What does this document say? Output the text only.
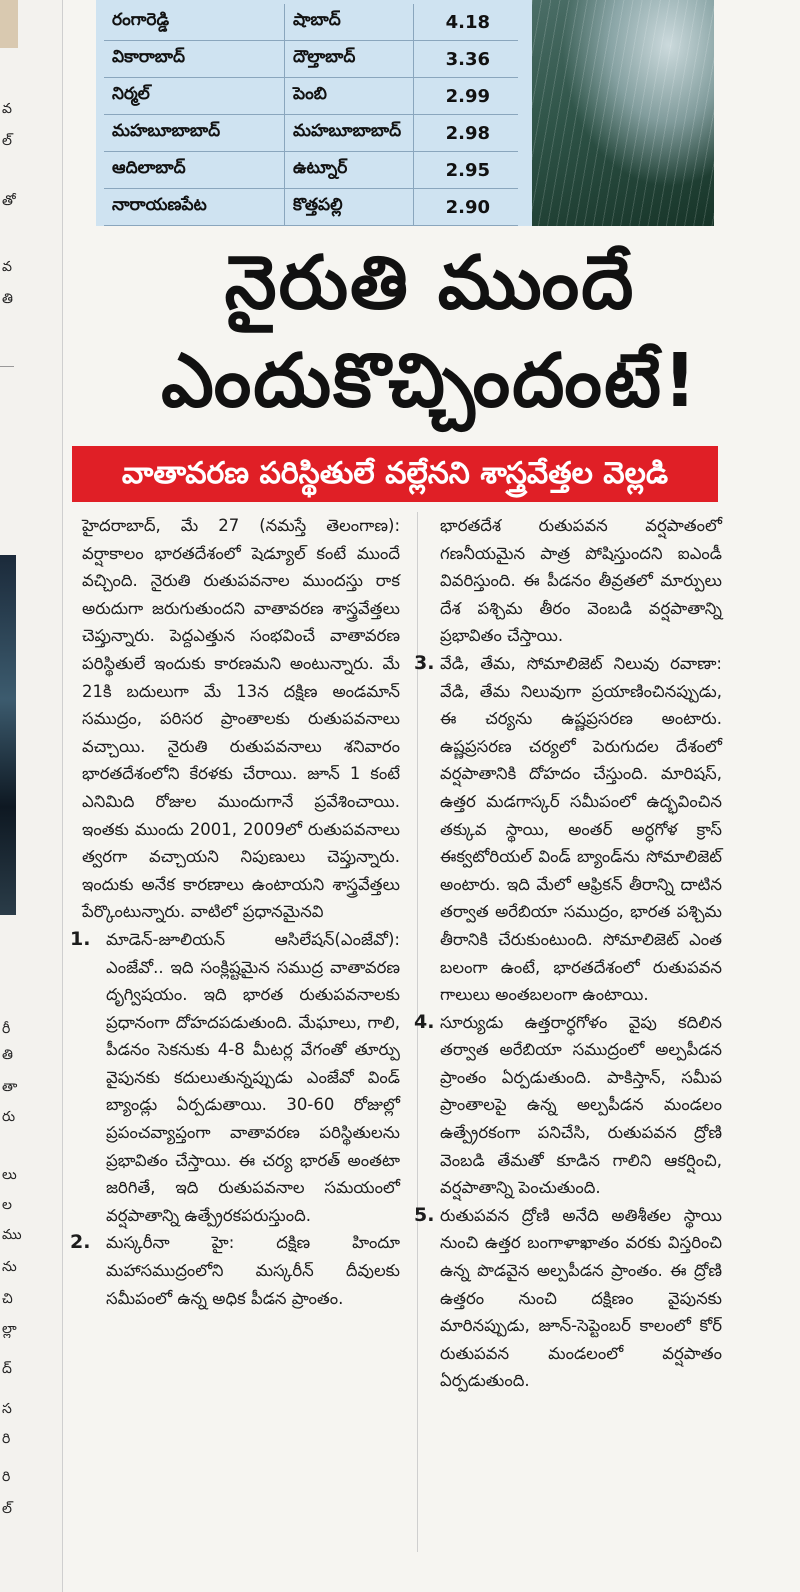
వ
ల్
తో
వ
తి
రీ
తి
తా
రు
లు
ల
ము
ను
చి
ల్లా
ద్
స
రి
రి
ల్
రంగారెడ్డి	షాబాద్	4.18
వికారాబాద్	దౌల్తాబాద్	3.36
నిర్మల్	పెంబి	2.99
మహబూబాబాద్	మహబూబాబాద్	2.98
ఆదిలాబాద్	ఉట్నూర్	2.95
నారాయణపేట	కొత్తపల్లి	2.90
నైరుతి ముందే
ఎందుకొచ్చిందంటే!
వాతావరణ పరిస్థితులే వల్లేనని శాస్త్రవేత్తల వెల్లడి

హైదరాబాద్‌, మే 27 (నమస్తే తెలంగాణ): వర్షాకాలం భారతదేశంలో షెడ్యూల్‌ కంటే ముందే వచ్చింది. నైరుతి రుతుపవనాల ముందస్తు రాక అరుదుగా జరుగుతుందని వాతావరణ శాస్త్రవేత్తలు చెప్తున్నారు. పెద్దఎత్తున సంభవించే వాతావరణ పరిస్థితులే ఇందుకు కారణమని అంటున్నారు. మే 21కి బదులుగా మే 13న దక్షిణ అండమాన్‌ సముద్రం, పరిసర ప్రాంతాలకు రుతుపవనాలు వచ్చాయి. నైరుతి రుతుపవనాలు శనివారం భారతదేశంలోని కేరళకు చేరాయి. జూన్‌ 1 కంటే ఎనిమిది రోజుల ముందుగానే ప్రవేశించాయి. ఇంతకు ముందు 2001, 2009లో రుతుపవనాలు త్వరగా వచ్చాయని నిపుణులు చెప్తున్నారు. ఇందుకు అనేక కారణాలు ఉంటాయని శాస్త్రవేత్తలు పేర్కొంటున్నారు. వాటిలో ప్రధానమైనవి

1. మాడెన్‌-జూలియన్‌ ఆసిలేషన్‌(ఎంజేవో): ఎంజేవో.. ఇది సంక్లిష్టమైన సముద్ర వాతావరణ దృగ్విషయం. ఇది భారత రుతుపవనాలకు ప్రధానంగా దోహదపడుతుంది. మేఘాలు, గాలి, పీడనం సెకనుకు 4-8 మీటర్ల వేగంతో తూర్పు వైపునకు కదులుతున్నప్పుడు ఎంజేవో విండ్‌ బ్యాండ్లు ఏర్పడుతాయి. 30-60 రోజుల్లో ప్రపంచవ్యాప్తంగా వాతావరణ పరిస్థితులను ప్రభావితం చేస్తాయి. ఈ చర్య భారత్‌ అంతటా జరిగితే, ఇది రుతుపవనాల సమయంలో వర్షపాతాన్ని ఉత్ప్రేరకపరుస్తుంది.

2. మస్కరీనా హై: దక్షిణ హిందూ మహాసముద్రంలోని మస్కరీన్‌ దీవులకు సమీపంలో ఉన్న అధిక పీడన ప్రాంతం.

భారతదేశ రుతుపవన వర్షపాతంలో గణనీయమైన పాత్ర పోషిస్తుందని ఐఎండీ వివరిస్తుంది. ఈ పీడనం తీవ్రతలో మార్పులు దేశ పశ్చిమ తీరం వెంబడి వర్షపాతాన్ని ప్రభావితం చేస్తాయి.

3. వేడి, తేమ, సోమాలిజెట్‌ నిలువు రవాణా: వేడి, తేమ నిలువుగా ప్రయాణించినప్పుడు, ఈ చర్యను ఉష్ణప్రసరణ అంటారు. ఉష్ణప్రసరణ చర్యలో పెరుగుదల దేశంలో వర్షపాతానికి దోహదం చేస్తుంది. మారిషస్‌, ఉత్తర మడగాస్కర్‌ సమీపంలో ఉద్భవించిన తక్కువ స్థాయి, అంతర్‌ అర్ధగోళ క్రాస్‌ ఈక్వటోరియల్‌ విండ్‌ బ్యాండ్‌ను సోమాలిజెట్‌ అంటారు. ఇది మేలో ఆఫ్రికన్‌ తీరాన్ని దాటిన తర్వాత అరేబియా సముద్రం, భారత పశ్చిమ తీరానికి చేరుకుంటుంది. సోమాలిజెట్‌ ఎంత బలంగా ఉంటే, భారతదేశంలో రుతుపవన గాలులు అంతబలంగా ఉంటాయి.

4. సూర్యుడు ఉత్తరార్ధగోళం వైపు కదిలిన తర్వాత అరేబియా సముద్రంలో అల్పపీడన ప్రాంతం ఏర్పడుతుంది. పాకిస్తాన్‌, సమీప ప్రాంతాలపై ఉన్న అల్పపీడన మండలం ఉత్ప్రేరకంగా పనిచేసి, రుతుపవన ద్రోణి వెంబడి తేమతో కూడిన గాలిని ఆకర్షించి, వర్షపాతాన్ని పెంచుతుంది.

5. రుతుపవన ద్రోణి అనేది అతిశీతల స్థాయి నుంచి ఉత్తర బంగాళాఖాతం వరకు విస్తరించి ఉన్న పొడవైన అల్పపీడన ప్రాంతం. ఈ ద్రోణి ఉత్తరం నుంచి దక్షిణం వైపునకు మారినప్పుడు, జూన్‌-సెప్టెంబర్‌ కాలంలో కోర్‌ రుతుపవన మండలంలో వర్షపాతం ఏర్పడుతుంది.
